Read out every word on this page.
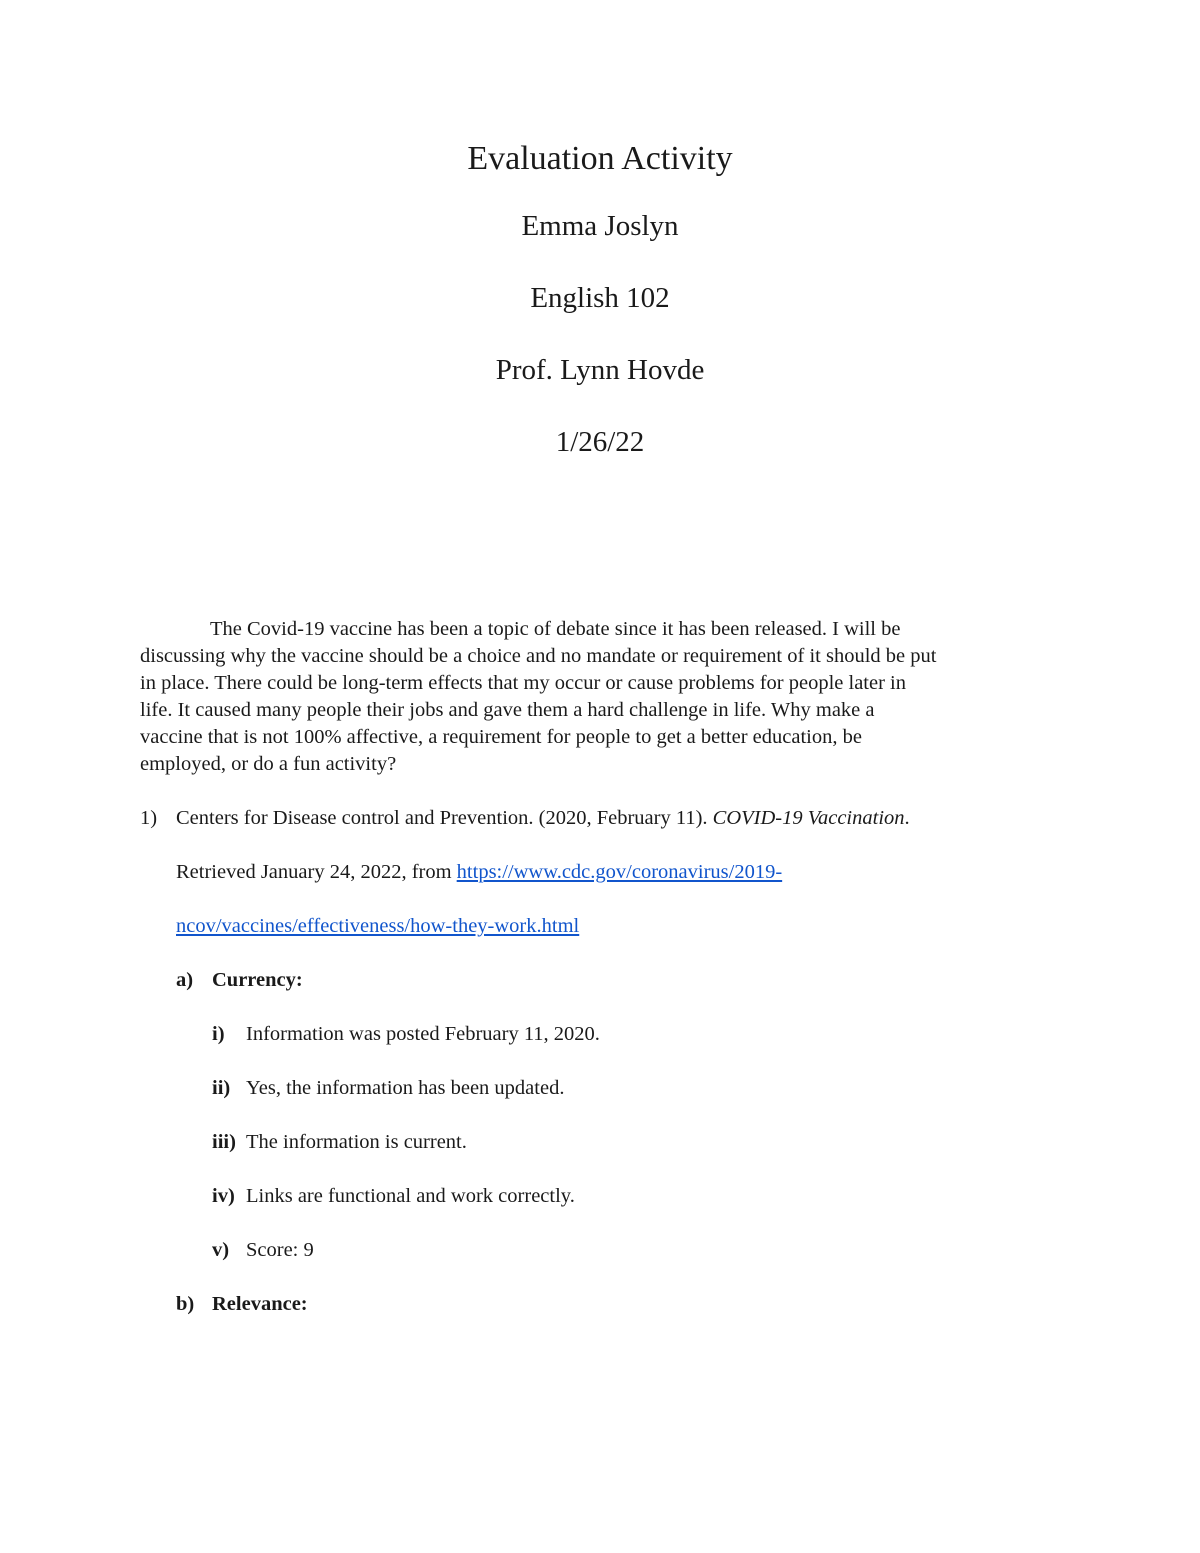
Evaluation Activity
Emma Joslyn
English 102
Prof. Lynn Hovde
1/26/22

The Covid-19 vaccine has been a topic of debate since it has been released. I will be
discussing why the vaccine should be a choice and no mandate or requirement of it should be put
in place. There could be long-term effects that my occur or cause problems for people later in
life. It caused many people their jobs and gave them a hard challenge in life. Why make a
vaccine that is not 100% affective, a requirement for people to get a better education, be
employed, or do a fun activity?

1) Centers for Disease control and Prevention. (2020, February 11). COVID-19 Vaccination.
Retrieved January 24, 2022, from https://www.cdc.gov/coronavirus/2019-
ncov/vaccines/effectiveness/how-they-work.html
a) Currency:
i) Information was posted February 11, 2020.
ii) Yes, the information has been updated.
iii) The information is current.
iv) Links are functional and work correctly.
v) Score: 9
b) Relevance:
